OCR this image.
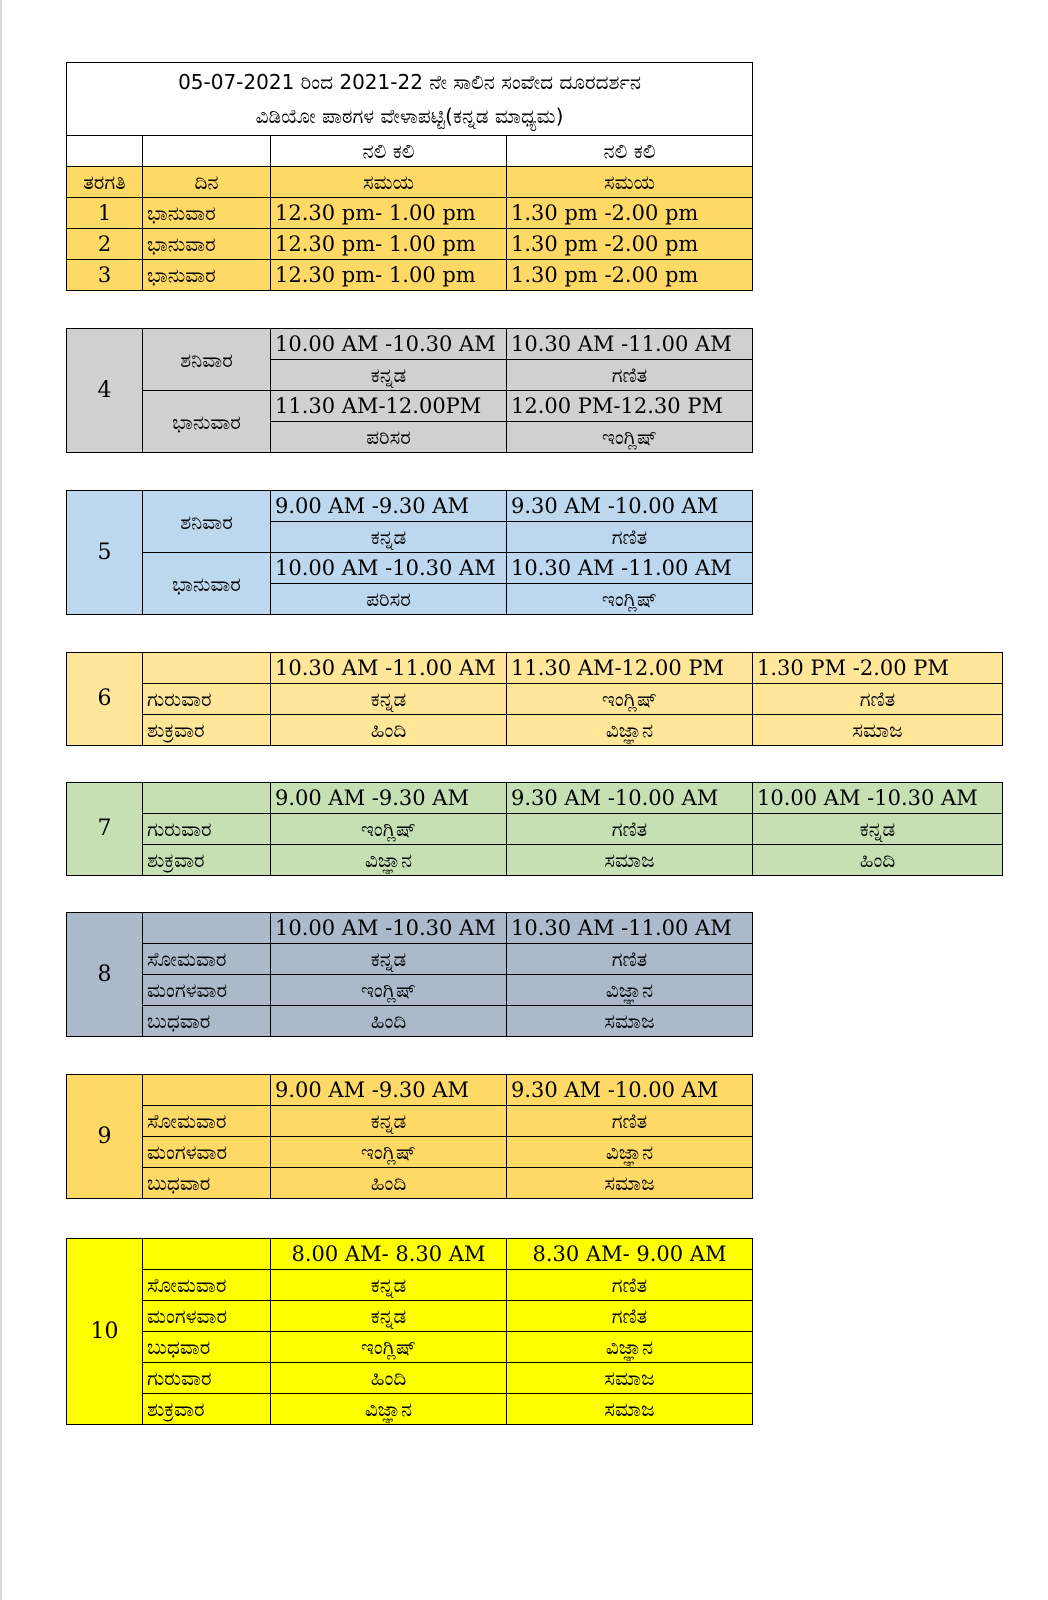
05-07-2021 ರಿಂದ 2021-22 ನೇ ಸಾಲಿನ ಸಂವೇದ ದೂರದರ್ಶನ
ವಿಡಿಯೋ ಪಾಠಗಳ ವೇಳಾಪಟ್ಟಿ(ಕನ್ನಡ ಮಾಧ್ಯಮ)			

		ನಲಿ ಕಲಿ	ನಲಿ ಕಲಿ
ತರಗತಿ	ದಿನ	ಸಮಯ	ಸಮಯ
1	ಭಾನುವಾರ	12.30 pm- 1.00 pm	1.30 pm -2.00 pm
2	ಭಾನುವಾರ	12.30 pm- 1.00 pm	1.30 pm -2.00 pm
3	ಭಾನುವಾರ	12.30 pm- 1.00 pm	1.30 pm -2.00 pm
4	ಶನಿವಾರ	10.00 AM -10.30 AM	10.30 AM -11.00 AM
		ಕನ್ನಡ	ಗಣಿತ
	ಭಾನುವಾರ	11.30 AM-12.00PM	12.00 PM-12.30 PM
		ಪರಿಸರ	ಇಂಗ್ಲಿಷ್
5	ಶನಿವಾರ	9.00 AM -9.30 AM	9.30 AM -10.00 AM
		ಕನ್ನಡ	ಗಣಿತ
	ಭಾನುವಾರ	10.00 AM -10.30 AM	10.30 AM -11.00 AM
		ಪರಿಸರ	ಇಂಗ್ಲಿಷ್
6		10.30 AM -11.00 AM	11.30 AM-12.00 PM	1.30 PM -2.00 PM
	ಗುರುವಾರ	ಕನ್ನಡ	ಇಂಗ್ಲಿಷ್	ಗಣಿತ
	ಶುಕ್ರವಾರ	ಹಿಂದಿ	ವಿಜ್ಞಾನ	ಸಮಾಜ
7		9.00 AM -9.30 AM	9.30 AM -10.00 AM	10.00 AM -10.30 AM
	ಗುರುವಾರ	ಇಂಗ್ಲಿಷ್	ಗಣಿತ	ಕನ್ನಡ
	ಶುಕ್ರವಾರ	ವಿಜ್ಞಾನ	ಸಮಾಜ	ಹಿಂದಿ
8		10.00 AM -10.30 AM	10.30 AM -11.00 AM
	ಸೋಮವಾರ	ಕನ್ನಡ	ಗಣಿತ
	ಮಂಗಳವಾರ	ಇಂಗ್ಲಿಷ್	ವಿಜ್ಞಾನ
	ಬುಧವಾರ	ಹಿಂದಿ	ಸಮಾಜ
9		9.00 AM -9.30 AM	9.30 AM -10.00 AM
	ಸೋಮವಾರ	ಕನ್ನಡ	ಗಣಿತ
	ಮಂಗಳವಾರ	ಇಂಗ್ಲಿಷ್	ವಿಜ್ಞಾನ
	ಬುಧವಾರ	ಹಿಂದಿ	ಸಮಾಜ
10		8.00 AM- 8.30 AM	8.30 AM- 9.00 AM
	ಸೋಮವಾರ	ಕನ್ನಡ	ಗಣಿತ
	ಮಂಗಳವಾರ	ಕನ್ನಡ	ಗಣಿತ
	ಬುಧವಾರ	ಇಂಗ್ಲಿಷ್	ವಿಜ್ಞಾನ
	ಗುರುವಾರ	ಹಿಂದಿ	ಸಮಾಜ
	ಶುಕ್ರವಾರ	ವಿಜ್ಞಾನ	ಸಮಾಜ
